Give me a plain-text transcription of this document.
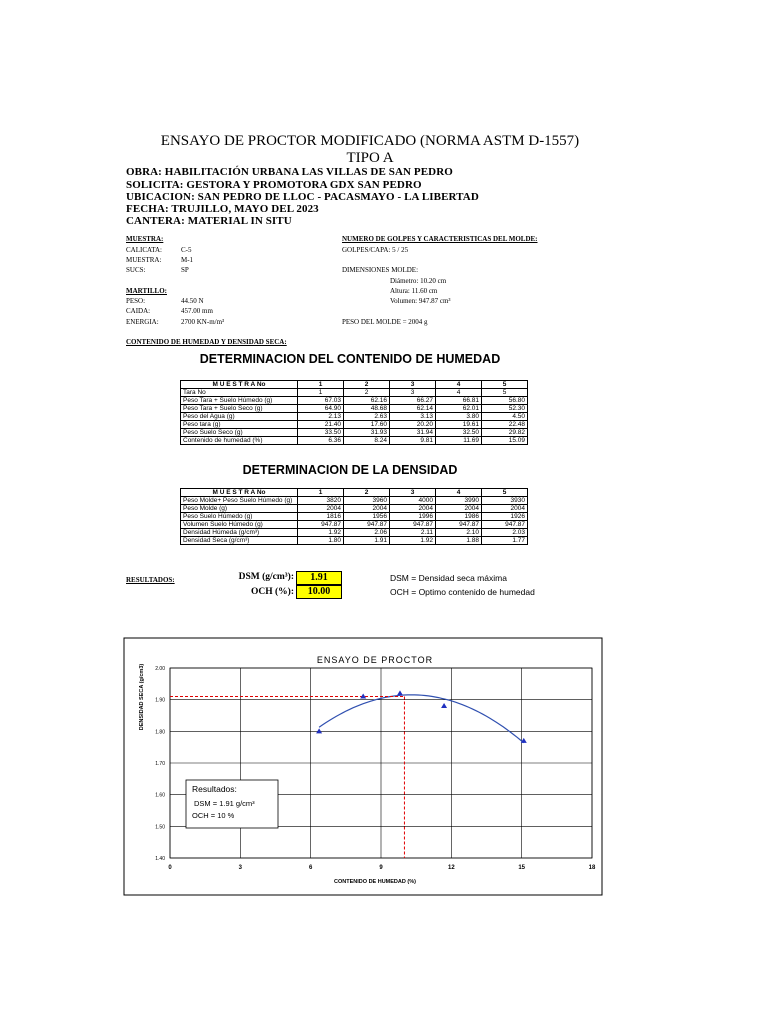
ENSAYO DE PROCTOR MODIFICADO (NORMA ASTM D-1557)
TIPO A
OBRA: HABILITACIÓN URBANA LAS VILLAS DE SAN PEDRO
SOLICITA: GESTORA Y PROMOTORA GDX SAN PEDRO
UBICACION: SAN PEDRO DE LLOC - PACASMAYO - LA LIBERTAD
FECHA: TRUJILLO, MAYO DEL 2023
CANTERA: MATERIAL IN SITU
MUESTRA:
CALICATA:	C-5
MUESTRA:	M-1
SUCS:	SP
MARTILLO:
PESO:	44.50 N
CAIDA:	457.00 mm
ENERGIA:	2700 KN-m/m³
NUMERO DE GOLPES Y CARACTERISTICAS DEL MOLDE:
GOLPES/CAPA: 5 / 25
DIMENSIONES MOLDE:
Diámetro: 10.20 cm
Altura: 11.60 cm
Volumen: 947.87 cm³
PESO DEL MOLDE = 2004 g
CONTENIDO DE HUMEDAD Y DENSIDAD SECA:
DETERMINACION DEL CONTENIDO DE HUMEDAD
M U E S T R A No	1	2	3	4	5
Tara No	1	2	3	4	5
Peso Tara + Suelo Húmedo (g)	67.03	62.16	66.27	66.81	56.80
Peso Tara + Suelo Seco (g)	64.90	48.68	62.14	62.01	52.30
Peso del Agua (g)	2.13	2.63	3.13	3.80	4.50
Peso tara (g)	21.40	17.60	20.20	19.61	22.48
Peso Suelo Seco (g)	33.50	31.93	31.94	32.50	29.82
Contenido de humedad (%)	6.36	8.24	9.81	11.69	15.09
DETERMINACION DE LA DENSIDAD
M U E S T R A No	1	2	3	4	5
Peso Molde+ Peso Suelo Húmedo (g)	3820	3960	4000	3990	3930
Peso Molde (g)	2004	2004	2004	2004	2004
Peso Suelo Húmedo (g)	1816	1956	1996	1986	1926
Volumen Suelo Húmedo (g)	947.87	947.87	947.87	947.87	947.87
Densidad Húmeda (g/cm³)	1.92	2.06	2.11	2.10	2.03
Densidad Seca (g/cm³)	1.80	1.91	1.92	1.88	1.77
RESULTADOS:	DSM (g/cm³):	1.91
OCH (%):	10.00
DSM = Densidad seca máxima
OCH = Optimo contenido de humedad
ENSAYO DE PROCTOR
DENSIDAD SECA (g/cm3)
CONTENIDO DE HUMEDAD (%)
0	3	6	9	12	15	18
2.00
1.90
1.80
1.70
1.60
1.50
1.40
Resultados:
DSM = 1.91 g/cm³
OCH = 10 %
